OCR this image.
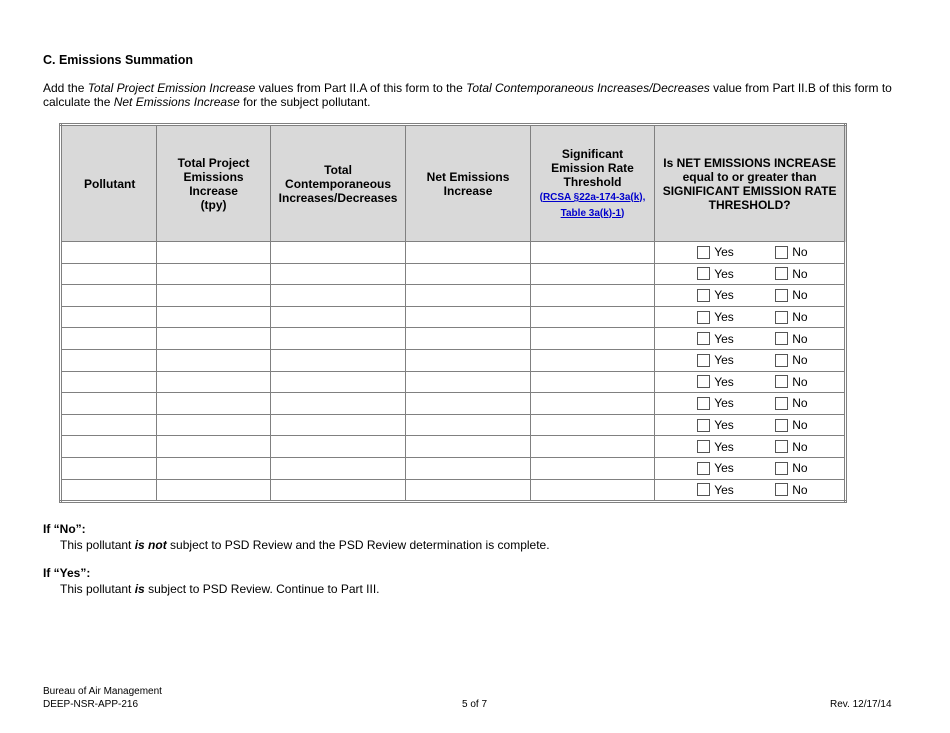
C. Emissions Summation
Add the Total Project Emission Increase values from Part II.A of this form to the Total Contemporaneous Increases/Decreases value from Part II.B of this form to calculate the Net Emissions Increase for the subject pollutant.
Pollutant	Total Project
Emissions
Increase
(tpy)	Total
Contemporaneous
Increases/Decreases	Net Emissions
Increase	Significant
Emission Rate
Threshold
(RCSA §22a-174-3a(k),
Table 3a(k)-1)	Is NET EMISSIONS INCREASE
equal to or greater than
SIGNIFICANT EMISSION RATE
THRESHOLD?

					Yes No

					Yes No

					Yes No

					Yes No

					Yes No

					Yes No

					Yes No

					Yes No

					Yes No

					Yes No

					Yes No

					Yes No
If “No”:
This pollutant is not subject to PSD Review and the PSD Review determination is complete.
If “Yes”:
This pollutant is subject to PSD Review. Continue to Part III.
Bureau of Air Management
DEEP-NSR-APP-216	5 of 7	Rev. 12/17/14
